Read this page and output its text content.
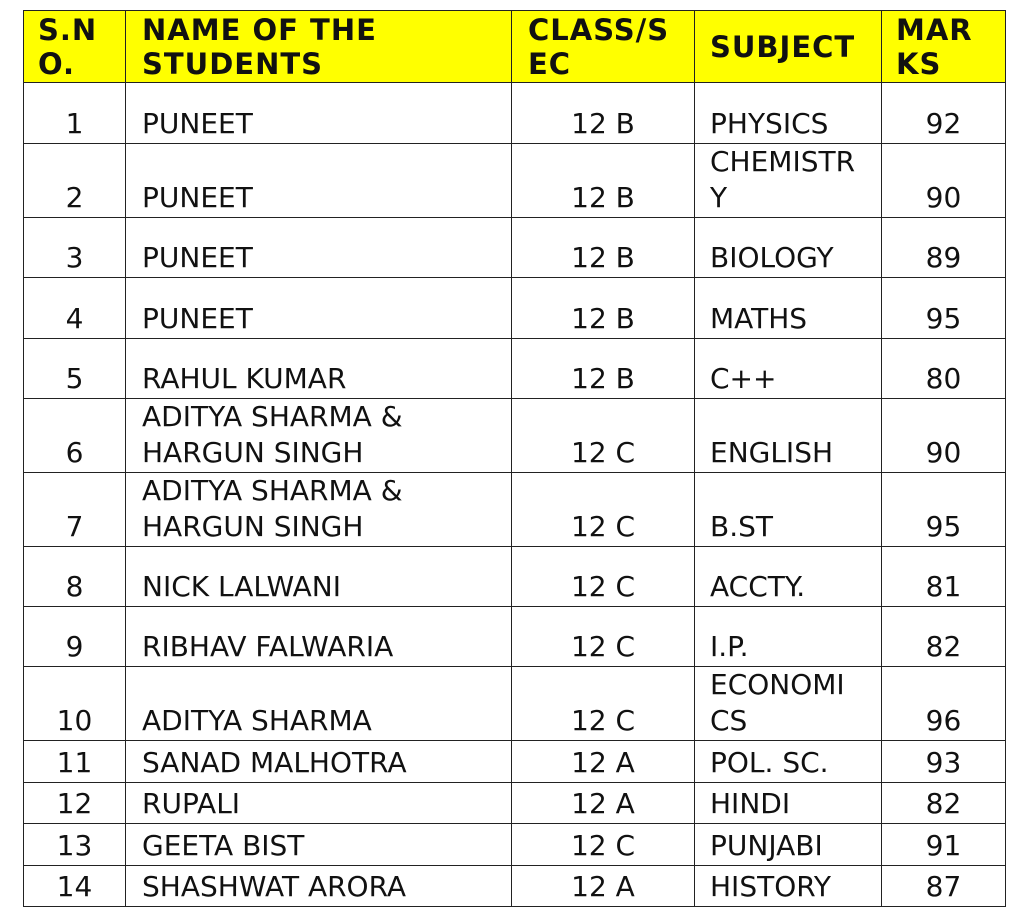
S.N O.	NAME OF THE STUDENTS	CLASS/S EC	SUBJECT	MAR KS
1	PUNEET	12 B	PHYSICS	92
2	PUNEET	12 B	CHEMISTR Y	90
3	PUNEET	12 B	BIOLOGY	89
4	PUNEET	12 B	MATHS	95
5	RAHUL KUMAR	12 B	C++	80
6	ADITYA SHARMA & HARGUN SINGH	12 C	ENGLISH	90
7	ADITYA SHARMA & HARGUN SINGH	12 C	B.ST	95
8	NICK LALWANI	12 C	ACCTY.	81
9	RIBHAV FALWARIA	12 C	I.P.	82
10	ADITYA SHARMA	12 C	ECONOMI CS	96
11	SANAD MALHOTRA	12 A	POL. SC.	93
12	RUPALI	12 A	HINDI	82
13	GEETA BIST	12 C	PUNJABI	91
14	SHASHWAT ARORA	12 A	HISTORY	87
